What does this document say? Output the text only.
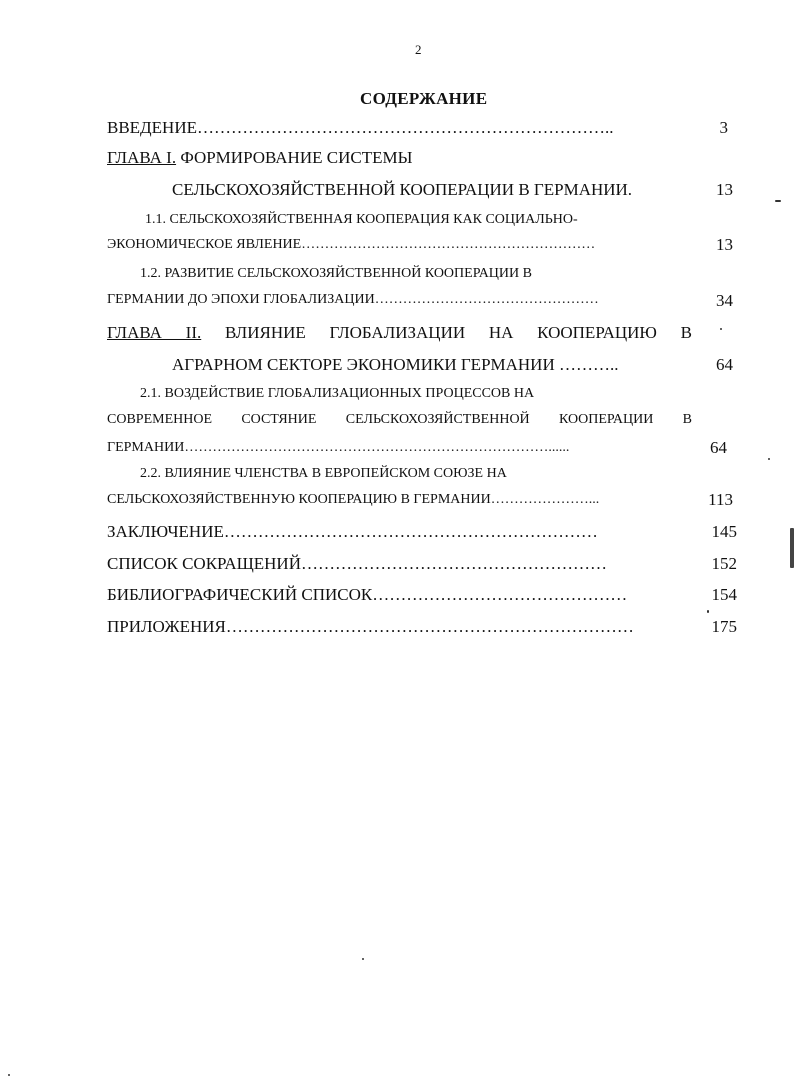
2
СОДЕРЖАНИЕ
ВВЕДЕНИЕ………………………………………………………………..	3
ГЛАВА I. ФОРМИРОВАНИЕ СИСТЕМЫ
СЕЛЬСКОХОЗЯЙСТВЕННОЙ КООПЕРАЦИИ В ГЕРМАНИИ.	13
1.1. СЕЛЬСКОХОЗЯЙСТВЕННАЯ КООПЕРАЦИЯ КАК СОЦИАЛЬНО-
ЭКОНОМИЧЕСКОЕ ЯВЛЕНИЕ………………………………………………………	13
1.2. РАЗВИТИЕ СЕЛЬСКОХОЗЯЙСТВЕННОЙ КООПЕРАЦИИ В
ГЕРМАНИИ ДО ЭПОХИ ГЛОБАЛИЗАЦИИ…………………………………………	34
ГЛАВА II. ВЛИЯНИЕ ГЛОБАЛИЗАЦИИ НА КООПЕРАЦИЮ В
АГРАРНОМ СЕКТОРЕ ЭКОНОМИКИ ГЕРМАНИИ ………..	64
2.1. ВОЗДЕЙСТВИЕ ГЛОБАЛИЗАЦИОННЫХ ПРОЦЕССОВ НА
СОВРЕМЕННОЕ СОСТЯНИЕ СЕЛЬСКОХОЗЯЙСТВЕННОЙ КООПЕРАЦИИ В
ГЕРМАНИИ……………………………………………………………………......	64
2.2. ВЛИЯНИЕ ЧЛЕНСТВА В ЕВРОПЕЙСКОМ СОЮЗЕ НА
СЕЛЬСКОХОЗЯЙСТВЕННУЮ КООПЕРАЦИЮ В ГЕРМАНИИ…………………...	113
ЗАКЛЮЧЕНИЕ…………………………………………………………	145
СПИСОК СОКРАЩЕНИЙ………………………………………………	152
БИБЛИОГРАФИЧЕСКИЙ СПИСОК………………………………………	154
ПРИЛОЖЕНИЯ………………………………………………………………	175
